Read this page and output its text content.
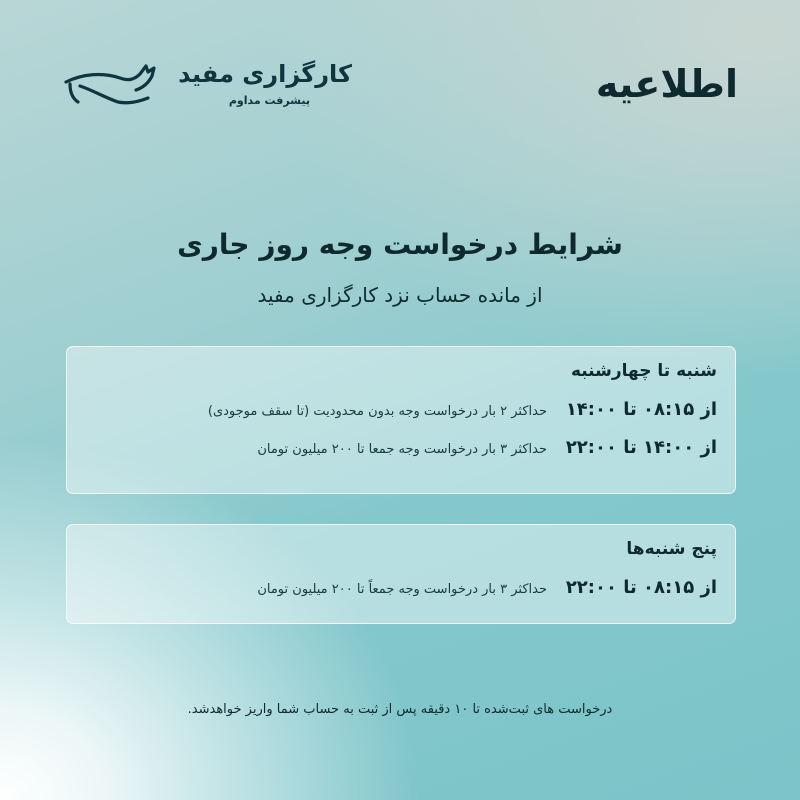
کارگزاری مفید
پیشرفت مداوم	اطلاعیه
شرایط درخواست وجه روز جاری
از مانده حساب نزد کارگزاری مفید
شنبه تا چهارشنبه
از ۰۸:۱۵ تا ۱۴:۰۰
حداکثر ۲ بار درخواست وجه بدون محدودیت (تا سقف موجودی)
از ۱۴:۰۰ تا ۲۲:۰۰
حداکثر ۳ بار درخواست وجه جمعا تا ۲۰۰ میلیون تومان
پنج شنبه‌ها
از ۰۸:۱۵ تا ۲۲:۰۰
حداکثر ۳ بار درخواست وجه جمعاً تا ۲۰۰ میلیون تومان
درخواست های ثبت‌شده تا ۱۰ دقیقه پس از ثبت به حساب شما واریز خواهدشد.
